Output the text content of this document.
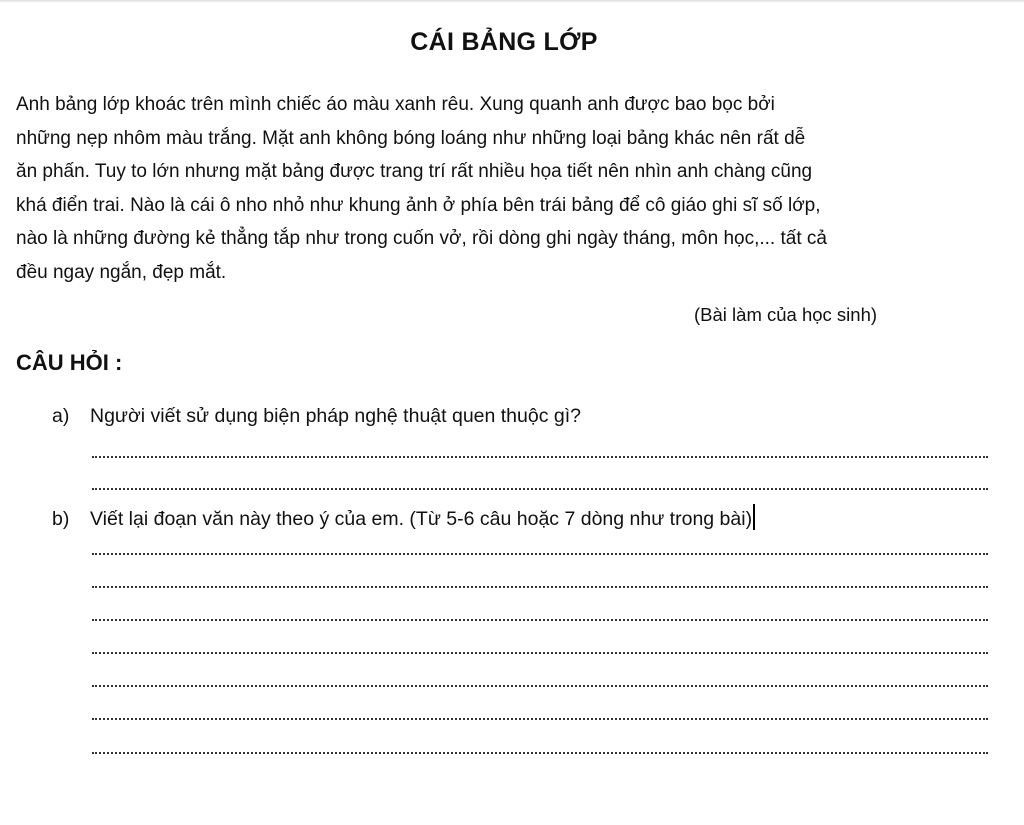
CÁI BẢNG LỚP

Anh bảng lớp khoác trên mình chiếc áo màu xanh rêu. Xung quanh anh được bao bọc bởi
những nẹp nhôm màu trắng. Mặt anh không bóng loáng như những loại bảng khác nên rất dễ
ăn phấn. Tuy to lớn nhưng mặt bảng được trang trí rất nhiều họa tiết nên nhìn anh chàng cũng
khá điển trai. Nào là cái ô nho nhỏ như khung ảnh ở phía bên trái bảng để cô giáo ghi sĩ số lớp,
nào là những đường kẻ thẳng tắp như trong cuốn vở, rồi dòng ghi ngày tháng, môn học,... tất cả
đều ngay ngắn, đẹp mắt.

(Bài làm của học sinh)

CÂU HỎI :

a) Người viết sử dụng biện pháp nghệ thuật quen thuộc gì?

b) Viết lại đoạn văn này theo ý của em. (Từ 5-6 câu hoặc 7 dòng như trong bài)
